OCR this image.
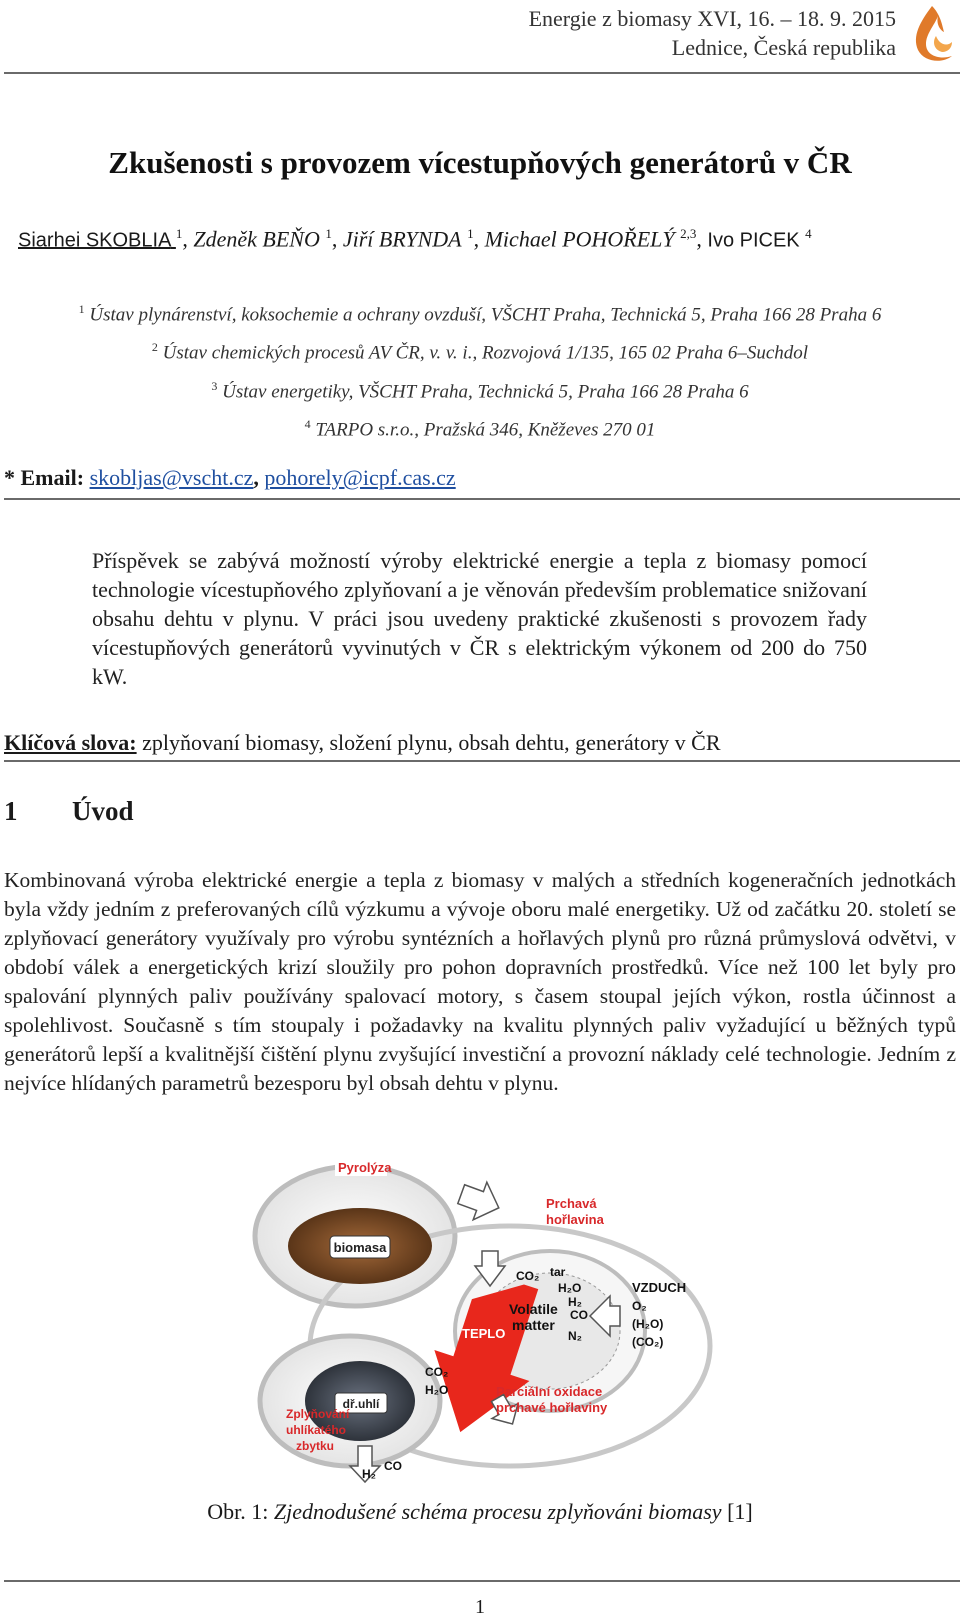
Energie z biomasy XVI, 16. – 18. 9. 2015
Lednice, Česká republika
Zkušenosti s provozem vícestupňových generátorů v ČR
Siarhei SKOBLIA $^1$, Zdeněk BEŇO $^1$, Jiří BRYNDA $^1$, Michael POHOŘELÝ $^{2,3}$, Ivo PICEK $^4$
$^1$ Ústav plynárenství, koksochemie a ochrany ovzduší, VŠCHT Praha, Technická 5, Praha 166 28 Praha 6
$^2$ Ústav chemických procesů AV ČR, v. v. i., Rozvojová 1/135, 165 02 Praha 6–Suchdol
$^3$ Ústav energetiky, VŠCHT Praha, Technická 5, Praha 166 28 Praha 6
$^4$ TARPO s.r.o., Pražská 346, Kněževes 270 01
* Email: skobljas@vscht.cz, pohorely@icpf.cas.cz
Příspěvek se zabývá možností výroby elektrické energie a tepla z biomasy pomocí technologie vícestupňového zplyňovaní a je věnován především problematice snižovaní obsahu dehtu v plynu. V práci jsou uvedeny praktické zkušenosti s provozem řady vícestupňových generátorů vyvinutých v ČR s elektrickým výkonem od 200 do 750 kW.
Klíčová slova: zplyňovaní biomasy, složení plynu, obsah dehtu, generátory v ČR
1 Úvod
Kombinovaná výroba elektrické energie a tepla z biomasy v malých a středních kogeneračních jednotkách byla vždy jedním z preferovaných cílů výzkumu a vývoje oboru malé energetiky. Už od začátku 20. století se zplyňovací generátory využívaly pro výrobu syntézních a hořlavých plynů pro různá průmyslová odvětvi, v období válek a energetických krizí sloužily pro pohon dopravních prostředků. Více než 100 let byly pro spalování plynných paliv používány spalovací motory, s časem stoupal jejích výkon, rostla účinnost a spolehlivost. Současně s tím stoupaly i požadavky na kvalitu plynných paliv vyžadující u běžných typů generátorů lepší a kvalitnější čištění plynu zvyšující investiční a provozní náklady celé technologie. Jedním z nejvíce hlídaných parametrů bezesporu byl obsah dehtu v plynu.
biomasa
dř.uhlí
TEPLO
Pyrolýza
Prchavá
hořlavina
tar
CO₂
H₂O
H₂
Volatile
matter
CO
N₂
VZDUCH
O₂
(H₂O)
(CO₂)
CO₂
H₂O	Parciální oxidace
prchavé hořlaviny
Zplyňování
uhlíkatého
zbytku
H₂
CO
Obr. 1: Zjednodušené schéma procesu zplyňováni biomasy [1]
1
